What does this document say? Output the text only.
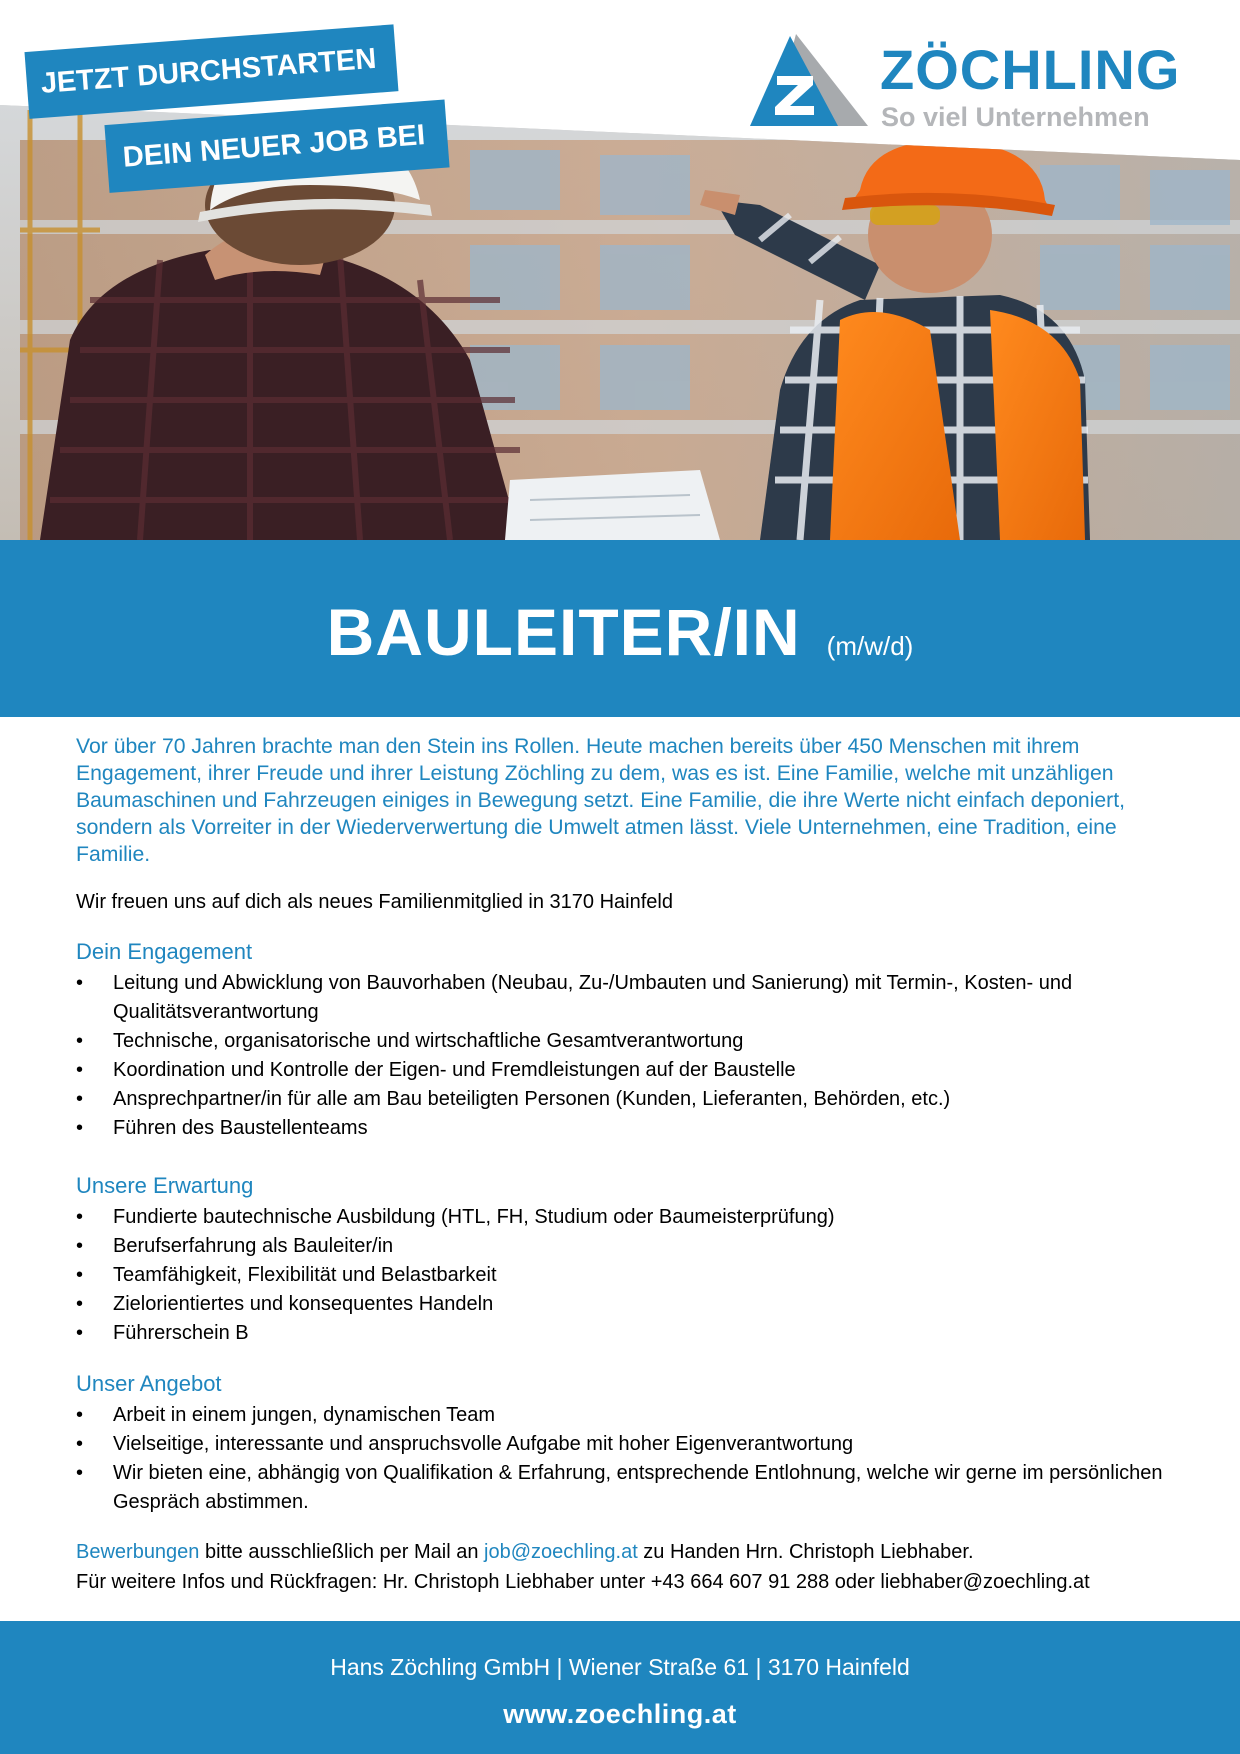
JETZT DURCHSTARTEN
DEIN NEUER JOB BEI
ZÖCHLING
So viel Unternehmen
BAULEITER/IN (m/w/d)

Vor über 70 Jahren brachte man den Stein ins Rollen. Heute machen bereits über 450 Menschen mit ihrem Engagement, ihrer Freude und ihrer Leistung Zöchling zu dem, was es ist. Eine Familie, welche mit unzähligen Baumaschinen und Fahrzeugen einiges in Bewegung setzt. Eine Familie, die ihre Werte nicht einfach deponiert, sondern als Vorreiter in der Wiederverwertung die Umwelt atmen lässt. Viele Unternehmen, eine Tradition, eine Familie.

Wir freuen uns auf dich als neues Familienmitglied in 3170 Hainfeld

Dein Engagement
• Leitung und Abwicklung von Bauvorhaben (Neubau, Zu-/Umbauten und Sanierung) mit Termin-, Kosten- und Qualitätsverantwortung
• Technische, organisatorische und wirtschaftliche Gesamtverantwortung
• Koordination und Kontrolle der Eigen- und Fremdleistungen auf der Baustelle
• Ansprechpartner/in für alle am Bau beteiligten Personen (Kunden, Lieferanten, Behörden, etc.)
• Führen des Baustellenteams
Unsere Erwartung
• Fundierte bautechnische Ausbildung (HTL, FH, Studium oder Baumeisterprüfung)
• Berufserfahrung als Bauleiter/in
• Teamfähigkeit, Flexibilität und Belastbarkeit
• Zielorientiertes und konsequentes Handeln
• Führerschein B
Unser Angebot
• Arbeit in einem jungen, dynamischen Team
• Vielseitige, interessante und anspruchsvolle Aufgabe mit hoher Eigenverantwortung
• Wir bieten eine, abhängig von Qualifikation & Erfahrung, entsprechende Entlohnung, welche wir gerne im persönlichen Gespräch abstimmen.
Bewerbungen bitte ausschließlich per Mail an job@zoechling.at zu Handen Hrn. Christoph Liebhaber.
Für weitere Infos und Rückfragen: Hr. Christoph Liebhaber unter +43 664 607 91 288 oder liebhaber@zoechling.at
Hans Zöchling GmbH | Wiener Straße 61 | 3170 Hainfeld
www.zoechling.at
